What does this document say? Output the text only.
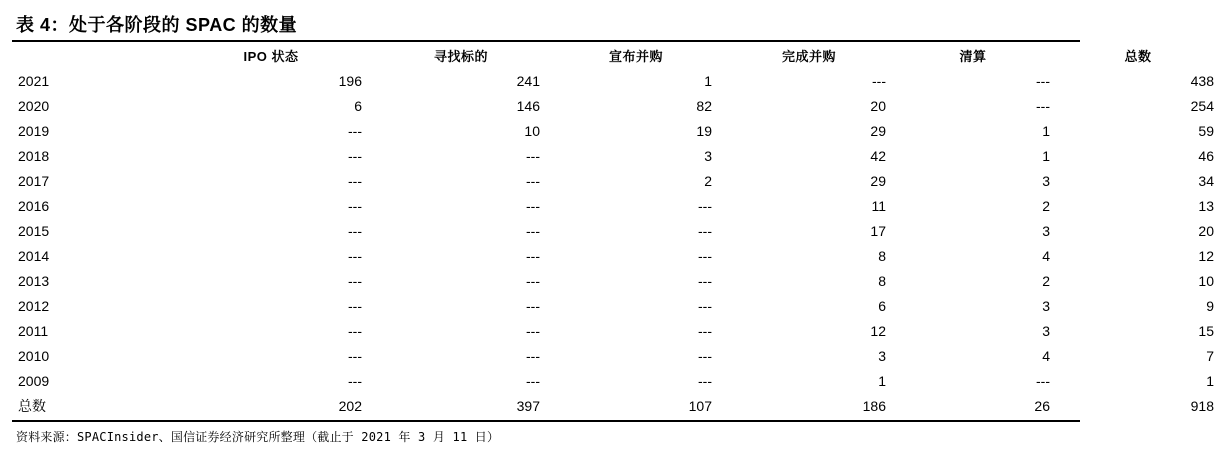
表 4：处于各阶段的 SPAC 的数量
	IPO 状态	寻找标的	宣布并购	完成并购	清算	总数
2021	196	241	1	---	---	438
2020	6	146	82	20	---	254
2019	---	10	19	29	1	59
2018	---	---	3	42	1	46
2017	---	---	2	29	3	34
2016	---	---	---	11	2	13
2015	---	---	---	17	3	20
2014	---	---	---	8	4	12
2013	---	---	---	8	2	10
2012	---	---	---	6	3	9
2011	---	---	---	12	3	15
2010	---	---	---	3	4	7
2009	---	---	---	1	---	1
总数	202	397	107	186	26	918
资料来源：SPACInsider、国信证券经济研究所整理（截止于 2021 年 3 月 11 日）
